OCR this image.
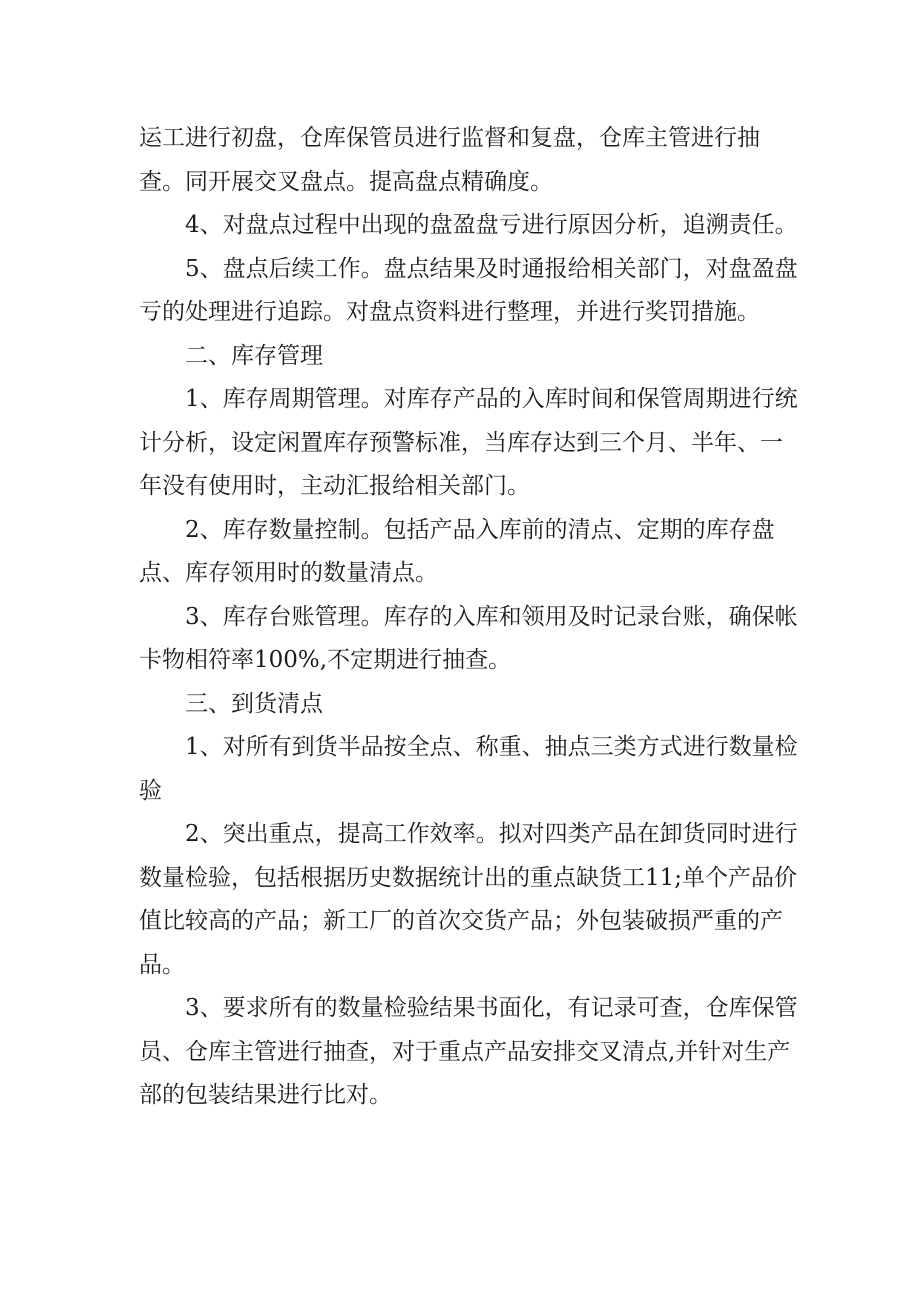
运工进行初盘，仓库保管员进行监督和复盘，仓库主管进行抽查。同开展交叉盘点。提高盘点精确度。

4、对盘点过程中出现的盘盈盘亏进行原因分析，追溯责任。

5、盘点后续工作。盘点结果及时通报给相关部门，对盘盈盘亏的处理进行追踪。对盘点资料进行整理，并进行奖罚措施。

二、库存管理

1、库存周期管理。对库存产品的入库时间和保管周期进行统计分析，设定闲置库存预警标准，当库存达到三个月、半年、一年没有使用时，主动汇报给相关部门。

2、库存数量控制。包括产品入库前的清点、定期的库存盘点、库存领用时的数量清点。

3、库存台账管理。库存的入库和领用及时记录台账，确保帐卡物相符率100%,不定期进行抽查。

三、到货清点

1、对所有到货半品按全点、称重、抽点三类方式进行数量检验

2、突出重点，提高工作效率。拟对四类产品在卸货同时进行数量检验，包括根据历史数据统计出的重点缺货工11;单个产品价值比较高的产品；新工厂的首次交货产品；外包装破损严重的产品。

3、要求所有的数量检验结果书面化，有记录可查，仓库保管员、仓库主管进行抽查，对于重点产品安排交叉清点,并针对生产部的包装结果进行比对。
